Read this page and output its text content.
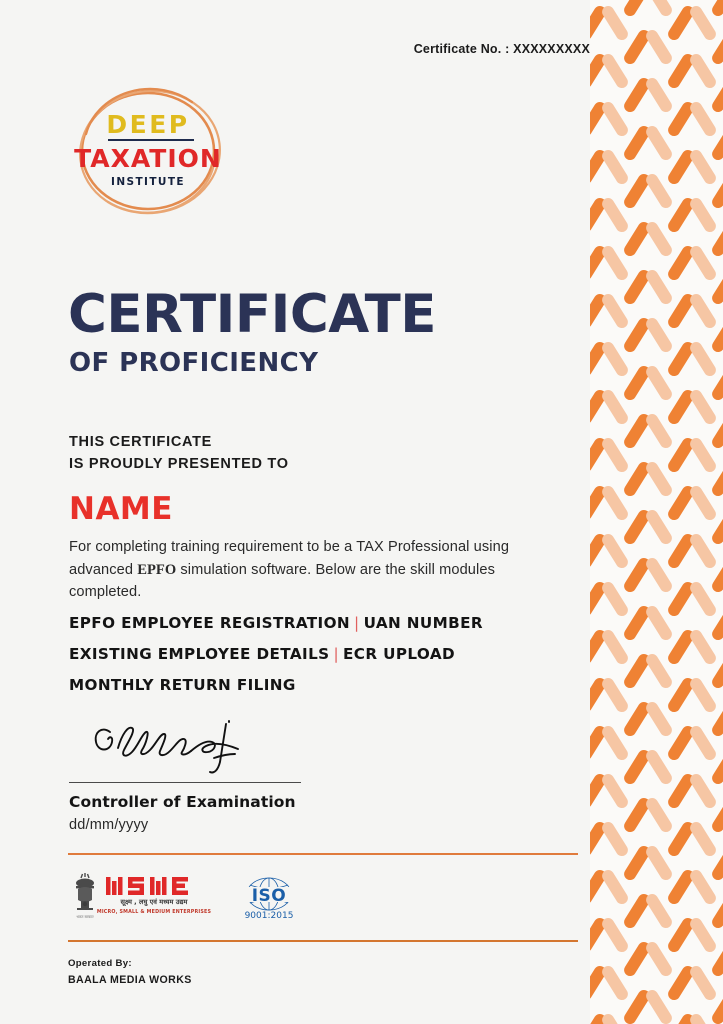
Certificate No. : XXXXXXXXX
DEEP
TAXATION
INSTITUTE
CERTIFICATE
OF PROFICIENCY
THIS CERTIFICATE
IS PROUDLY PRESENTED TO
NAME
For completing training requirement to be a TAX Professional using advanced EPFO simulation software. Below are the skill modules completed.
EPFO EMPLOYEE REGISTRATION | UAN NUMBER
EXISTING EMPLOYEE DETAILS | ECR UPLOAD
MONTHLY RETURN FILING
Controller of Examination
dd/mm/yyyy
भारत सरकार
सूक्ष्म , लघु एवं मध्यम उद्यम
MICRO, SMALL & MEDIUM ENTERPRISES
ISO
9001:2015
Operated By:
BAALA MEDIA WORKS
